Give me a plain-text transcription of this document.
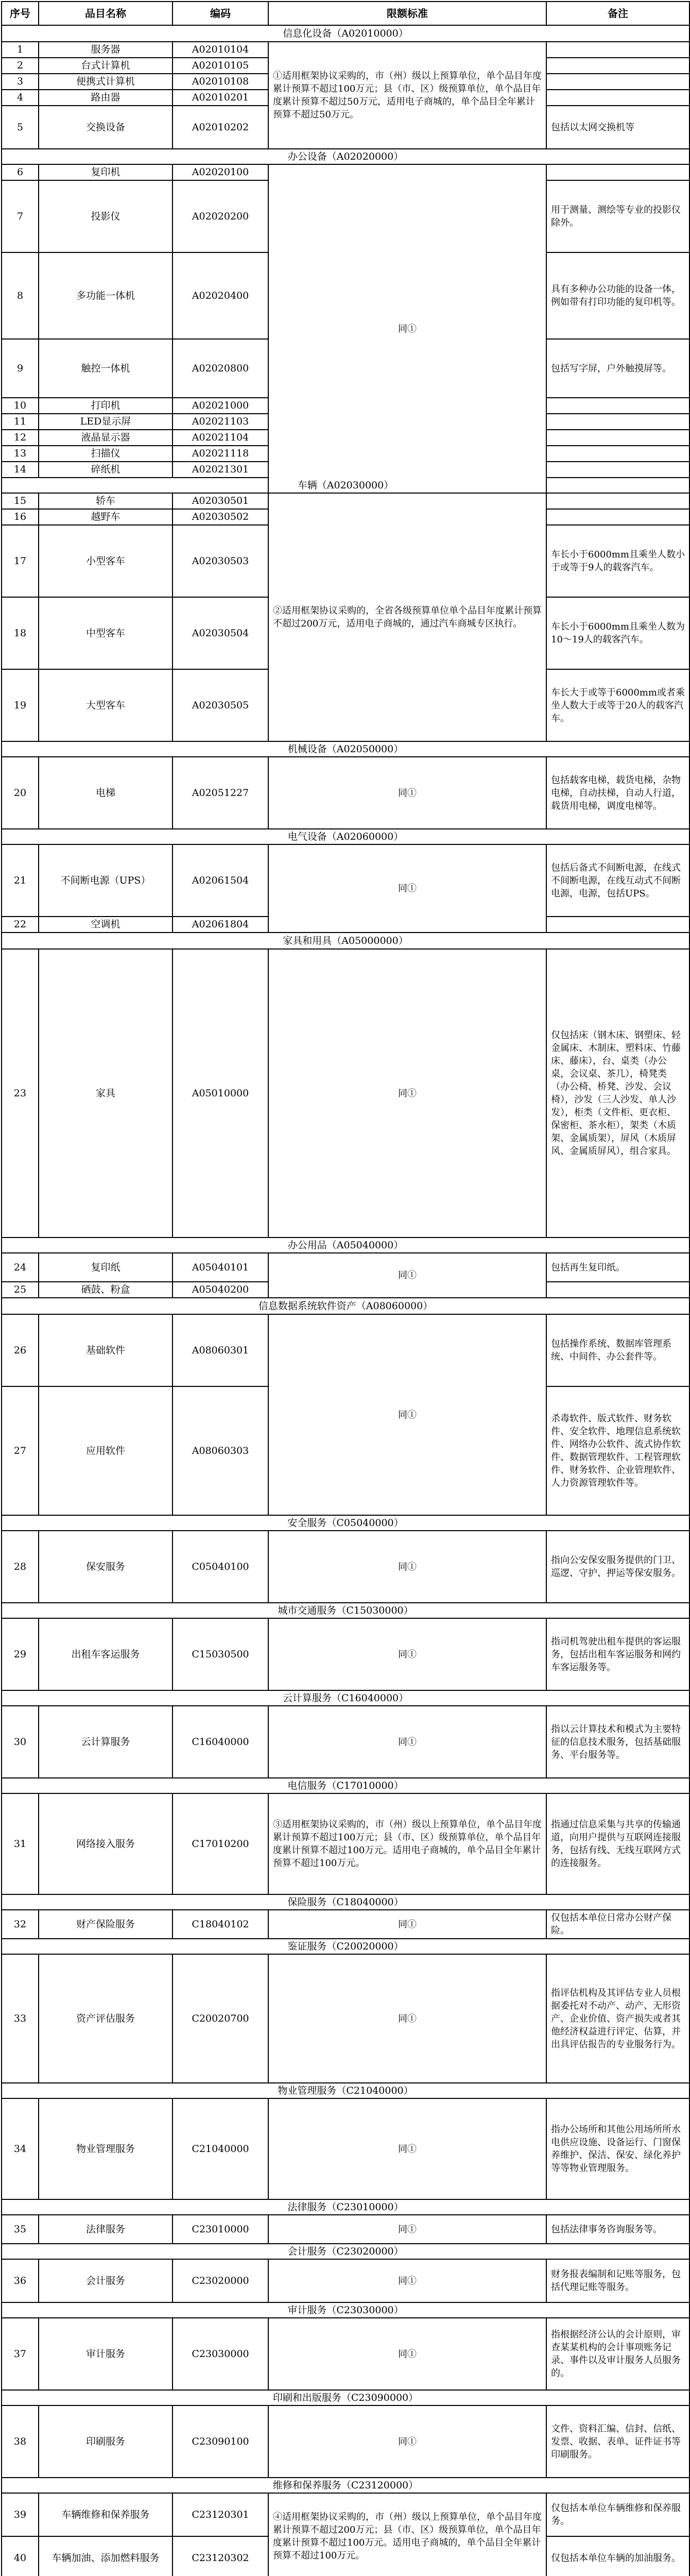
序号	品目名称	编码	限额标准	备注
信息化设备（A02010000）				
1	服务器	A02010104	①适用框架协议采购的，市（州）级以上预算单位，单个品目年度累计预算不超过100万元；县（市、区）级预算单位，单个品目年度累计预算不超过50万元，适用电子商城的，单个品目全年累计预算不超过50万元。	
2	台式计算机	A02010105		
3	便携式计算机	A02010108		
4	路由器	A02010201		
5	交换设备	A02010202		包括以太网交换机等
办公设备（A02020000）				
6	复印机	A02020100	同①	
7	投影仪	A02020200		用于测量、测绘等专业的投影仪除外。
8	多功能一体机	A02020400		具有多种办公功能的设备一体，例如带有打印功能的复印机等。
9	触控一体机	A02020800		包括写字屏，户外触摸屏等。
10	打印机	A02021000		
11	LED显示屏	A02021103		
12	液晶显示器	A02021104		
13	扫描仪	A02021118		
14	碎纸机	A02021301		
车辆（A02030000）				
15	轿车	A02030501	②适用框架协议采购的，全省各级预算单位单个品目年度累计预算不超过200万元，适用电子商城的，通过汽车商城专区执行。	
16	越野车	A02030502		
17	小型客车	A02030503		车长小于6000mm且乘坐人数小于或等于9人的载客汽车。
18	中型客车	A02030504		车长小于6000mm且乘坐人数为10～19人的载客汽车。
19	大型客车	A02030505		车长大于或等于6000mm或者乘坐人数大于或等于20人的载客汽车。
机械设备（A02050000）				
20	电梯	A02051227	同①	包括载客电梯，载货电梯，杂物电梯，自动扶梯，自动人行道，载货用电梯，调度电梯等。
电气设备（A02060000）				
21	不间断电源（UPS）	A02061504	同①	包括后备式不间断电源，在线式不间断电源，在线互动式不间断电源，电源，包括UPS。
22	空调机	A02061804		
家具和用具（A05000000）				
23	家具	A05010000	同①	仅包括床（钢木床、钢塑床、轻金属床、木制床、塑料床、竹藤床、藤床），台、桌类（办公桌，会议桌、茶几），椅凳类（办公椅、桥凳、沙发、会议椅），沙发（三人沙发、单人沙发），柜类（文件柜、更衣柜、保密柜、茶水柜），架类（木质架、金属质架），屏风（木质屏风、金属质屏风），组合家具。
办公用品（A05040000）				
24	复印纸	A05040101	同①	包括再生复印纸。
25	硒鼓、粉盒	A05040200		
信息数据系统软件资产（A08060000）				
26	基础软件	A08060301	同①	包括操作系统、数据库管理系统、中间件、办公套件等。
27	应用软件	A08060303		杀毒软件、版式软件、财务软件、安全软件、地理信息系统软件、网络办公软件、流式协作软件、数据管理软件、工程管理软件、财务软件、企业管理软件、人力资源管理软件等。
安全服务（C05040000）				
28	保安服务	C05040100	同①	指向公安保安服务提供的门卫、巡逻、守护、押运等保安服务。
城市交通服务（C15030000）				
29	出租车客运服务	C15030500	同①	指司机驾驶出租车提供的客运服务，包括出租车客运服务和网约车客运服务等。
云计算服务（C16040000）				
30	云计算服务	C16040000	同①	指以云计算技术和模式为主要特征的信息技术服务，包括基础服务、平台服务等。
电信服务（C17010000）				
31	网络接入服务	C17010200	③适用框架协议采购的，市（州）级以上预算单位，单个品目年度累计预算不超过100万元；县（市、区）级预算单位，单个品目年度累计预算不超过100万元。适用电子商城的，单个品目全年累计预算不超过100万元。	指通过信息采集与共享的传输通道，向用户提供与互联网连接服务，包括有线、无线互联网方式的连接服务。
保险服务（C18040000）				
32	财产保险服务	C18040102	同①	仅包括本单位日常办公财产保险。
鉴证服务（C20020000）				
33	资产评估服务	C20020700	同①	指评估机构及其评估专业人员根据委托对不动产、动产、无形资产、企业价值、资产损失或者其他经济权益进行评定、估算，并出具评估报告的专业服务行为。
物业管理服务（C21040000）				
34	物业管理服务	C21040000	同①	指办公场所和其他公用场所所水电供应设施、设备运行、门窗保养维护、保洁、保安、绿化养护等等物业管理服务。
法律服务（C23010000）				
35	法律服务	C23010000	同①	包括法律事务咨询服务等。
会计服务（C23020000）				
36	会计服务	C23020000	同①	财务报表编制和记账等服务，包括代理记账等服务。
审计服务（C23030000）				
37	审计服务	C23030000	同①	指根据经济公认的会计原则，审查某某机构的会计事项账务记录、事件以及审计服务人员服务的。
印刷和出版服务（C23090000）				
38	印刷服务	C23090100	同①	文件、资料汇编、信封、信纸、发票、收据、表单、证件证书等印刷服务。
维修和保养服务（C23120000）				
39	车辆维修和保养服务	C23120301	④适用框架协议采购的，市（州）级以上预算单位，单个品目年度累计预算不超过200万元；县（市、区）级预算单位，单个品目年度累计预算不超过100万元。适用电子商城的，单个品目全年累计预算不超过100万元。	仅包括本单位车辆维修和保养服务。
40	车辆加油、添加燃料服务	C23120302		仅包括本单位车辆的加油服务。
